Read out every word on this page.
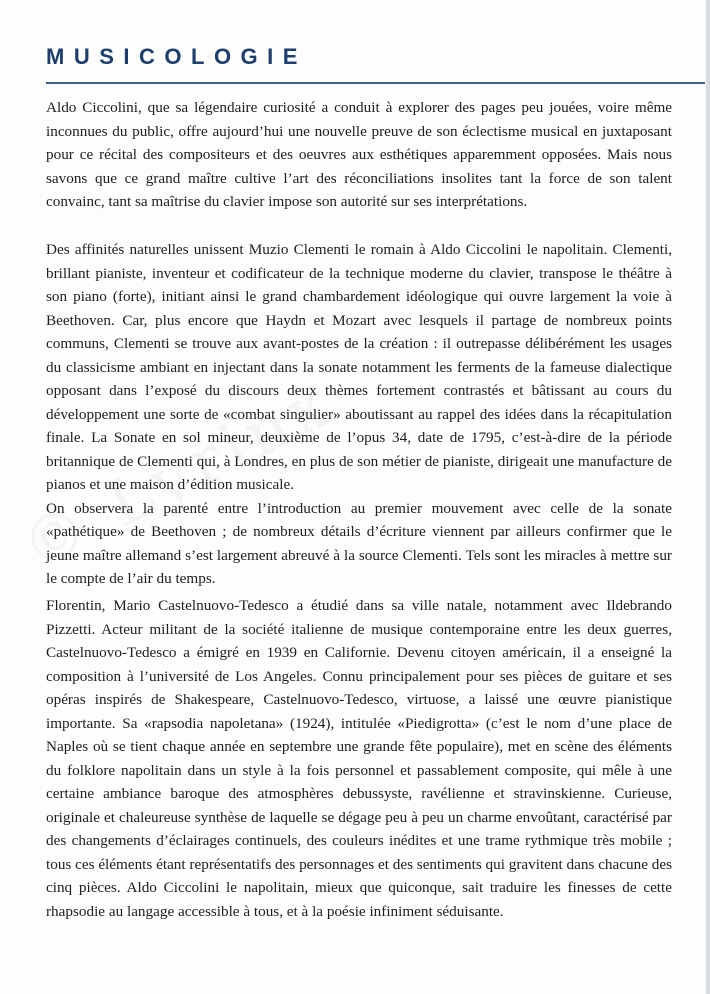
MUSICOLOGIE
Aldo Ciccolini, que sa légendaire curiosité a conduit à explorer des pages peu jouées, voire même inconnues du public, offre aujourd’hui une nouvelle preuve de son éclectisme musical en juxtaposant pour ce récital des compositeurs et des oeuvres aux esthétiques apparemment opposées. Mais nous savons que ce grand maître cultive l’art des réconciliations insolites tant la force de son talent convainc, tant sa maîtrise du clavier impose son autorité sur ses interprétations.
Des affinités naturelles unissent Muzio Clementi le romain à Aldo Ciccolini le napolitain. Clementi, brillant pianiste, inventeur et codificateur de la technique moderne du clavier, transpose le théâtre à son piano (forte), initiant ainsi le grand chambardement idéologique qui ouvre largement la voie à Beethoven. Car, plus encore que Haydn et Mozart avec lesquels il partage de nombreux points communs, Clementi se trouve aux avant-postes de la création : il outrepasse délibérément les usages du classicisme ambiant en injectant dans la sonate notamment les ferments de la fameuse dialectique opposant dans l’exposé du discours deux thèmes fortement contrastés et bâtissant au cours du développement une sorte de «combat singulier» aboutissant au rappel des idées dans la récapitulation finale. La Sonate en sol mineur, deuxième de l’opus 34, date de 1795, c’est-à-dire de la période britannique de Clementi qui, à Londres, en plus de son métier de pianiste, dirigeait une manufacture de pianos et une maison d’édition musicale.
On observera la parenté entre l’introduction au premier mouvement avec celle de la sonate «pathétique» de Beethoven ; de nombreux détails d’écriture viennent par ailleurs confirmer que le jeune maître allemand s’est largement abreuvé à la source Clementi. Tels sont les miracles à mettre sur le compte de l’air du temps.
Florentin, Mario Castelnuovo-Tedesco a étudié dans sa ville natale, notamment avec Ildebrando Pizzetti. Acteur militant de la société italienne de musique contemporaine entre les deux guerres, Castelnuovo-Tedesco a émigré en 1939 en Californie. Devenu citoyen américain, il a enseigné la composition à l’université de Los Angeles. Connu principalement pour ses pièces de guitare et ses opéras inspirés de Shakespeare, Castelnuovo-Tedesco, virtuose, a laissé une œuvre pianistique importante. Sa «rapsodia napoletana» (1924), intitulée «Piedigrotta» (c’est le nom d’une place de Naples où se tient chaque année en septembre une grande fête populaire), met en scène des éléments du folklore napolitain dans un style à la fois personnel et passablement composite, qui mêle à une certaine ambiance baroque des atmosphères debussyste, ravélienne et stravinskienne. Curieuse, originale et chaleureuse synthèse de laquelle se dégage peu à peu un charme envoûtant, caractérisé par des changements d’éclairages continuels, des couleurs inédites et une trame rythmique très mobile ; tous ces éléments étant représentatifs des personnages et des sentiments qui gravitent dans chacune des cinq pièces. Aldo Ciccolini le napolitain, mieux que quiconque, sait traduire les finesses de cette rhapsodie au langage accessible à tous, et à la poésie infiniment séduisante.
